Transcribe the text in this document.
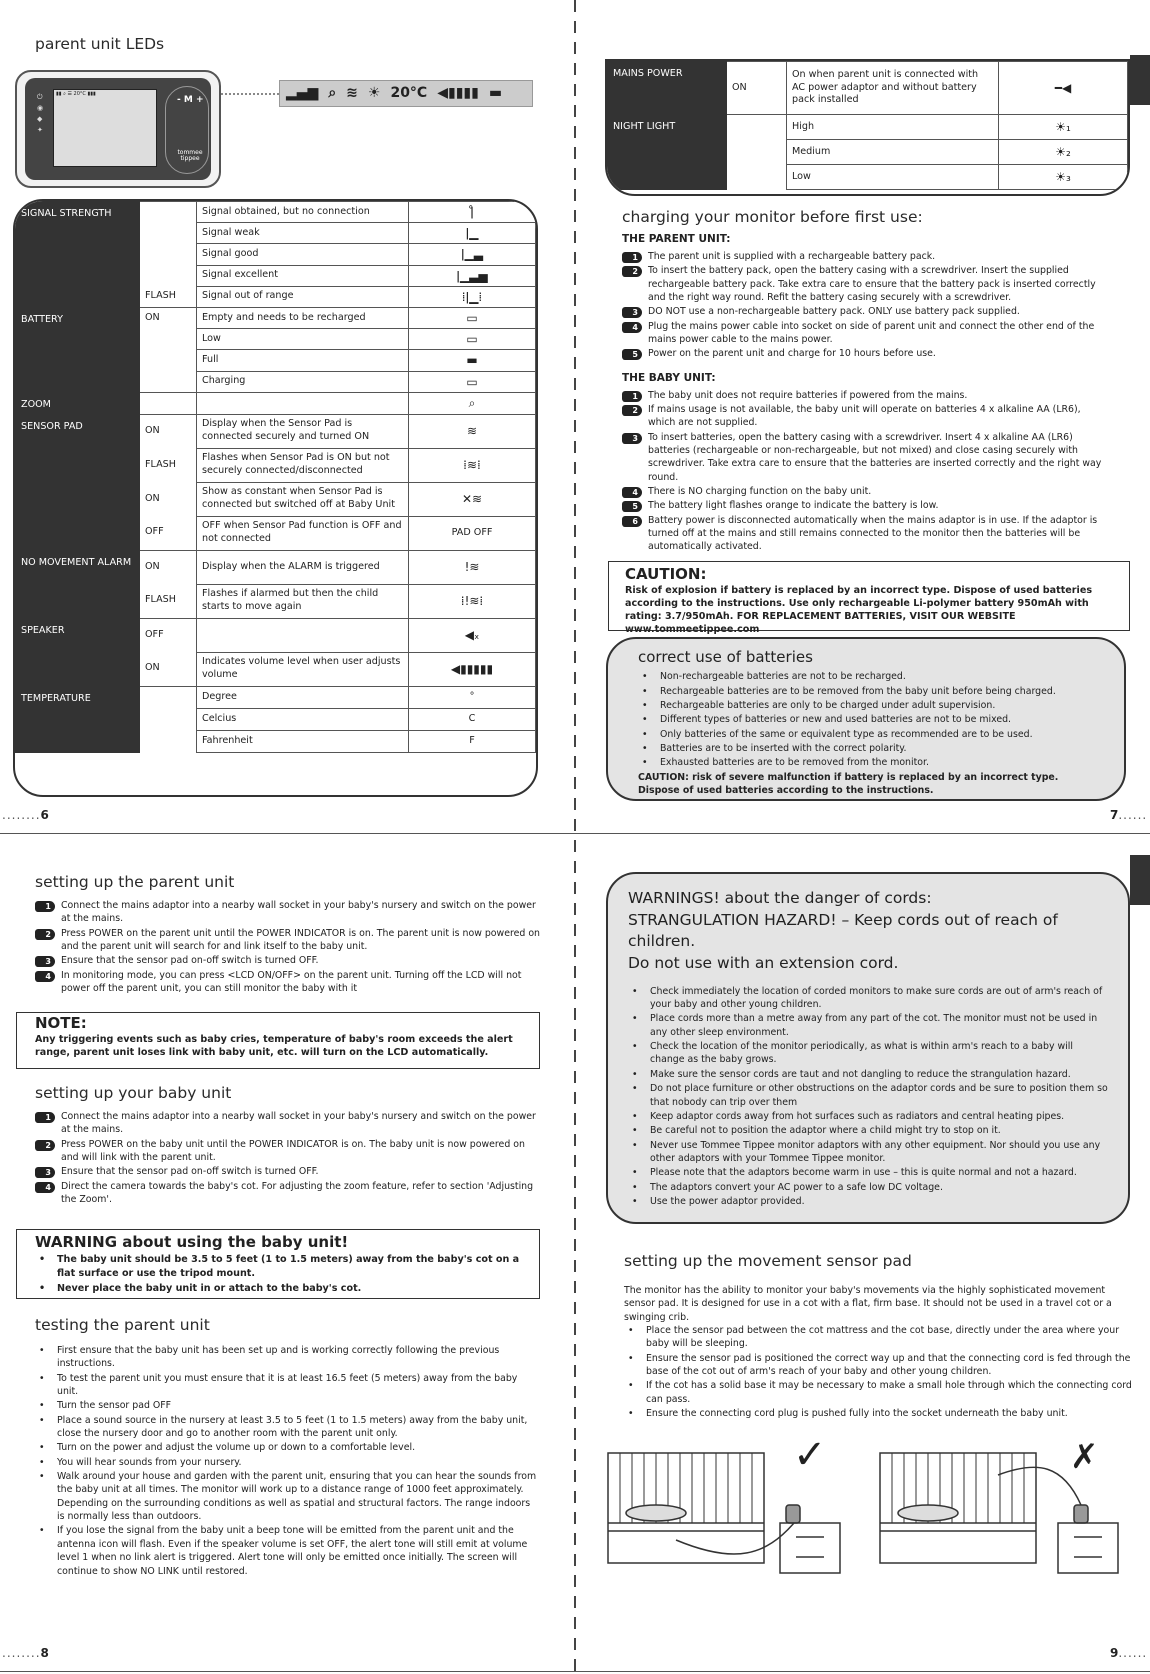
parent unit LEDs
▮▮ ⌕ ☰ 20°C ▮▮▮
⏻
◉
◆
✦
- M +
tommee tippee
▂▄▆ ⌕ ≋ ☀ 20°C ◀▮▮▮▮ ▬
SIGNAL STRENGTH		Signal obtained, but no connection	ǀ̊
		Signal weak	ǀ▁
		Signal good	ǀ▁▃
		Signal excellent	ǀ▁▃▅
	FLASH	Signal out of range	⁞ǀ▁⁞
BATTERY	ON	Empty and needs to be recharged	▭
		Low	▭
		Full	▬
		Charging	▭
ZOOM			⌕
SENSOR PAD	ON	Display when the Sensor Pad is connected securely and turned ON	≋
	FLASH	Flashes when Sensor Pad is ON but not securely connected/disconnected	⁞≋⁞
	ON	Show as constant when Sensor Pad is connected but switched off at Baby Unit	✕≋
	OFF	OFF when Sensor Pad function is OFF and not connected	PAD OFF
NO MOVEMENT ALARM	ON	Display when the ALARM is triggered	!≋
	FLASH	Flashes if alarmed but then the child starts to move again	⁞!≋⁞
SPEAKER	OFF		◀ₓ
	ON	Indicates volume level when user adjusts volume	◀▮▮▮▮▮
TEMPERATURE		Degree	°
		Celcius	C
		Fahrenheit	F
........6
MAINS POWER	ON	On when parent unit is connected with AC power adaptor and without battery pack installed	━◀
NIGHT LIGHT		High	☀₁
		Medium	☀₂
		Low	☀₃
charging your monitor before first use:
THE PARENT UNIT:
1	The parent unit is supplied with a rechargeable battery pack.
2	To insert the battery pack, open the battery casing with a screwdriver. Insert the supplied rechargeable battery pack. Take extra care to ensure that the battery pack is inserted correctly and the right way round. Refit the battery casing securely with a screwdriver.
3	DO NOT use a non-rechargeable battery pack. ONLY use battery pack supplied.
4	Plug the mains power cable into socket on side of parent unit and connect the other end of the mains power cable to the mains power.
5	Power on the parent unit and charge for 10 hours before use.
THE BABY UNIT:
1	The baby unit does not require batteries if powered from the mains.
2	If mains usage is not available, the baby unit will operate on batteries 4 x alkaline AA (LR6), which are not supplied.
3	To insert batteries, open the battery casing with a screwdriver. Insert 4 x alkaline AA (LR6) batteries (rechargeable or non-rechargeable, but not mixed) and close casing securely with screwdriver. Take extra care to ensure that the batteries are inserted correctly and the right way round.
4	There is NO charging function on the baby unit.
5	The battery light flashes orange to indicate the battery is low.
6	Battery power is disconnected automatically when the mains adaptor is in use. If the adaptor is turned off at the mains and still remains connected to the monitor then the batteries will be automatically activated.
CAUTION:
Risk of explosion if battery is replaced by an incorrect type. Dispose of used batteries according to the instructions. Use only rechargeable Li-polymer battery 950mAh with rating: 3.7/950mAh. FOR REPLACEMENT BATTERIES, VISIT OUR WEBSITE www.tommeetippee.com
correct use of batteries
• Non-rechargeable batteries are not to be recharged.
• Rechargeable batteries are to be removed from the baby unit before being charged.
• Rechargeable batteries are only to be charged under adult supervision.
• Different types of batteries or new and used batteries are not to be mixed.
• Only batteries of the same or equivalent type as recommended are to be used.
• Batteries are to be inserted with the correct polarity.
• Exhausted batteries are to be removed from the monitor.
CAUTION: risk of severe malfunction if battery is replaced by an incorrect type. Dispose of used batteries according to the instructions.
7......
setting up the parent unit
1	Connect the mains adaptor into a nearby wall socket in your baby's nursery and switch on the power at the mains.
2	Press POWER on the parent unit until the POWER INDICATOR is on. The parent unit is now powered on and the parent unit will search for and link itself to the baby unit.
3	Ensure that the sensor pad on-off switch is turned OFF.
4	In monitoring mode, you can press <LCD ON/OFF> on the parent unit. Turning off the LCD will not power off the parent unit, you can still monitor the baby with it
NOTE:
Any triggering events such as baby cries, temperature of baby's room exceeds the alert range, parent unit loses link with baby unit, etc. will turn on the LCD automatically.
setting up your baby unit
1	Connect the mains adaptor into a nearby wall socket in your baby's nursery and switch on the power at the mains.
2	Press POWER on the baby unit until the POWER INDICATOR is on. The baby unit is now powered on and will link with the parent unit.
3	Ensure that the sensor pad on-off switch is turned OFF.
4	Direct the camera towards the baby's cot. For adjusting the zoom feature, refer to section 'Adjusting the Zoom'.
WARNING about using the baby unit!
• The baby unit should be 3.5 to 5 feet (1 to 1.5 meters) away from the baby's cot on a flat surface or use the tripod mount.
• Never place the baby unit in or attach to the baby's cot.
testing the parent unit
• First ensure that the baby unit has been set up and is working correctly following the previous instructions.
• To test the parent unit you must ensure that it is at least 16.5 feet (5 meters) away from the baby unit.
• Turn the sensor pad OFF
• Place a sound source in the nursery at least 3.5 to 5 feet (1 to 1.5 meters) away from the baby unit, close the nursery door and go to another room with the parent unit only.
• Turn on the power and adjust the volume up or down to a comfortable level.
• You will hear sounds from your nursery.
• Walk around your house and garden with the parent unit, ensuring that you can hear the sounds from the baby unit at all times. The monitor will work up to a distance range of 1000 feet approximately. Depending on the surrounding conditions as well as spatial and structural factors. The range indoors is normally less than outdoors.
• If you lose the signal from the baby unit a beep tone will be emitted from the parent unit and the antenna icon will flash. Even if the speaker volume is set OFF, the alert tone will still emit at volume level 1 when no link alert is triggered. Alert tone will only be emitted once initially. The screen will continue to show NO LINK until restored.
........8
WARNINGS! about the danger of cords:
STRANGULATION HAZARD! – Keep cords out of reach of children.
Do not use with an extension cord.
• Check immediately the location of corded monitors to make sure cords are out of arm's reach of your baby and other young children.
• Place cords more than a metre away from any part of the cot. The monitor must not be used in any other sleep environment.
• Check the location of the monitor periodically, as what is within arm's reach to a baby will change as the baby grows.
• Make sure the sensor cords are taut and not dangling to reduce the strangulation hazard.
• Do not place furniture or other obstructions on the adaptor cords and be sure to position them so that nobody can trip over them
• Keep adaptor cords away from hot surfaces such as radiators and central heating pipes.
• Be careful not to position the adaptor where a child might try to stop on it.
• Never use Tommee Tippee monitor adaptors with any other equipment. Nor should you use any other adaptors with your Tommee Tippee monitor.
• Please note that the adaptors become warm in use – this is quite normal and not a hazard.
• The adaptors convert your AC power to a safe low DC voltage.
• Use the power adaptor provided.
setting up the movement sensor pad
The monitor has the ability to monitor your baby's movements via the highly sophisticated movement sensor pad. It is designed for use in a cot with a flat, firm base. It should not be used in a travel cot or a swinging crib.
• Place the sensor pad between the cot mattress and the cot base, directly under the area where your baby will be sleeping.
• Ensure the sensor pad is positioned the correct way up and that the connecting cord is fed through the base of the cot out of arm's reach of your baby and other young children.
• If the cot has a solid base it may be necessary to make a small hole through which the connecting cord can pass.
• Ensure the connecting cord plug is pushed fully into the socket underneath the baby unit.
✓	✗
9......
